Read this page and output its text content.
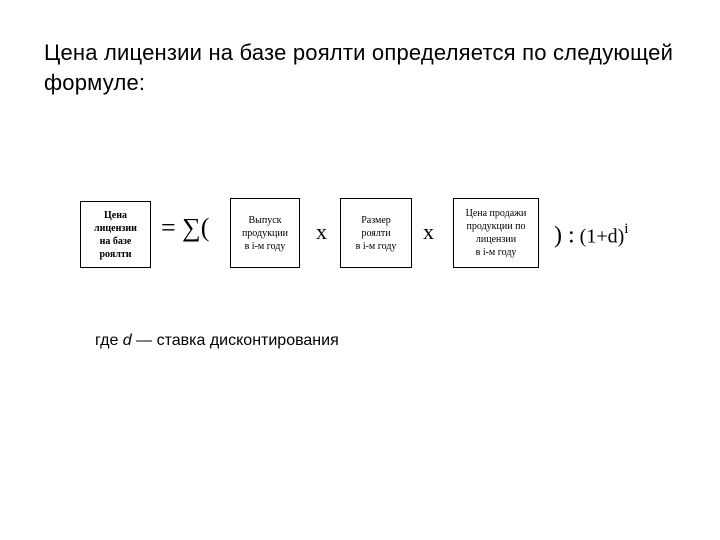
Цена лицензии на базе роялти определяется по следующей формуле:
Цена
лицензии
на базе
роялти
= ∑(	Выпуск
продукции
в i-м году
х	Размер
роялти
в i-м году
х
Цена продажи
продукции по
лицензии
в i-м году
) : $(1+d)^i$
где d — ставка дисконтирования
